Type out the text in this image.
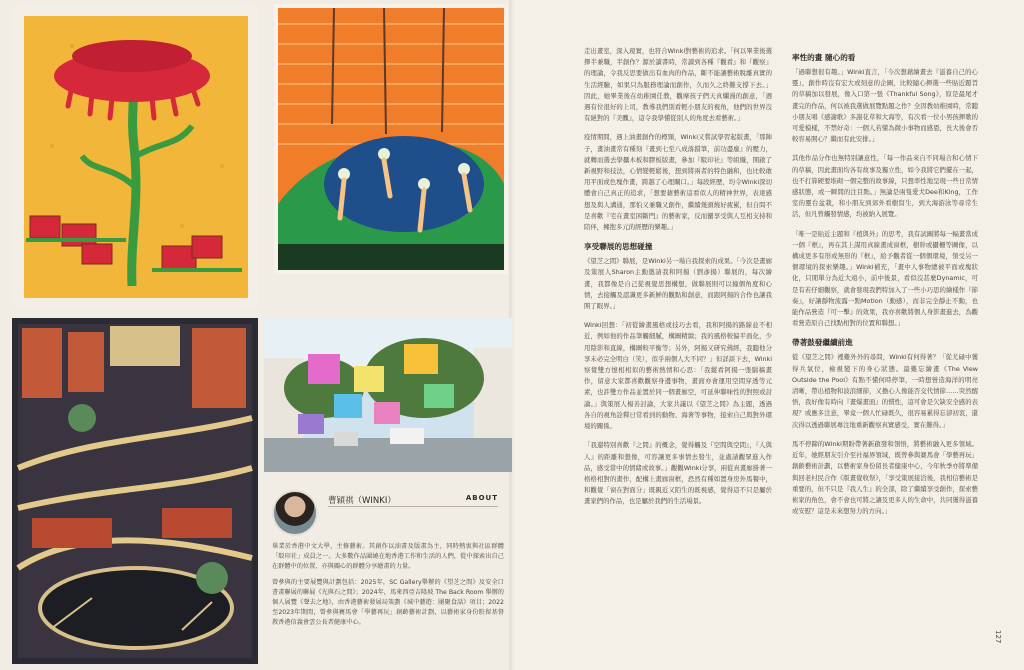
曹穎祺（WINKI）	ABOUT

畢業於香港中文大學，主修藝術。其創作以油畫及版畫為主，同時熱衷與社區群體「駁印社」成員之一。大多數作品圍繞在地香港工作和生活的人們，從中探索出自己在群體中的位置，亦與關心的群體分享繪畫的力量。

曾參與的主要展覽與計劃包括：2025年，SC Gallery舉辦的《望芝之間》及安全口書畫聯展的聯展《光與石之間》；2024年，馬來西亞吉隆坡 The Back Room 舉辦的個人展覽《聲去之地》，由香港藝術發展局策劃《城中藝遊：團聚食話》項目；2022至2023年期間，曾參與賽馬會「學藝再玩」創齡藝術計劃，以藝術家身份駐留基督教香港信義會雲公長者健康中心。

走出畫室，深入現實，也符合Winki對藝術的追求。「何以畢業後選擇半兼職，半創作？源於讀書時，常讀到各種『觀看』和『觀察』的理論，令我反思要做出有血肉的作品，斷不能讓藝術脫離真實的生活經驗，如果只為服務理論而創作，久而久之終難支撐下去。」因此，她畢業後在幼稚園任教，觀摩孩子們天真爛漫的創意，「週遇有位很好的上司，教導我們別看輕小朋友的視角，他們的世界沒有絕對的『美醜』，這令我學懂從別人的角度去看藝術。」

疫情期間，遇上油畫創作的樽頸，Winki又嘗試學習起版畫，「那陣子，畫油畫常有種刻『畫到七至八成落錯筆，前功盡廢』的壓力，就轉而選去學攝木板和膠板版畫，參加『駁印社』等組織，開啟了新視野和技法，心情變輕鬆後，想到將兩者的特色融和，也比較敢用平面或色塊作畫，跨越了心理關口。」每段經歷，均令Winki深切體會自己真正的追求，「想要藉藝術這看似人的精神世界，表達感想及與人溝通，那怕又兼職又創作，繼續幾頭燒好疲累，但自問不是喜歡『宅在畫室困斷門』的藝術家，反而蠻享受與人互相支持和陪伴，擁抱多元的經歷的樂趣。」

享受聯展的思想碰撞

《望芝之間》聯展，是Winki另一場自我探索的成果。「今次是畫廊及策展人Sharon主動邀請我和阿揚（劉彥揚）聯展的，每次繪畫，我都像是自己從視覺思想構想，做聯展則可以撞個角度和心情，去接觸及認識更多新鮮的觀點和創意，而跟阿揚的合作也讓我開了眼界。」

Winki回想：「初從繪畫風格或技巧去看，我和阿揚的路線並不相近，例如他的作品筆觸細膩，構圖精緻；我的風格較偏平面化，少用陰影和直線，構圖較平衡等；另外，阿揚又研究佛經，我聽他分享未必完全明白（笑），似乎兩個人大不同？」但詳談下去，Winki察覺雙方憶相相似的藝術熱情和心思：「我縱看阿揚一張腦稿畫作，留意大家都喜歡觀察身邊事物，畫面亦會運用空間穿透等元素，也許雙方作品並置於同一個畫廊空，可延伸聯味性的對照或討論。」與策展人楊善討論，大家共議以《望芝之間》為主題，透過各自的視角詮釋日常看到的動物、海著等事物，接索自己與對外環境的關係。

「我還特別喜歡『之間』的概念，覺得觸及『空間與空間』，『人與人』的距離和想像，可容讓更多事情去發生，並處請觀眾進入作品，感受當中的情緒或故事。」觀觀Winki分享，兩從真畫廊掛著一格格相對的畫作，配構上畫廊窗框，恐然有種如置身房外馬餐中，和觀覺「窗在對面分」既親近又陌生的既視感，覺得這不只是屬於畫家們的作品，也是屬於我們的生活場景。

率性的畫 隨心的看

「過聯想很有趣。」Winki直言，「今次想藉繪畫去『滋養自己的心靈』，創作時沒有宏大或刻意的企圖，比較隨心揮選一些貼近題旨的草稿加以發展，像入口第一張《Thankful Song》，原是最尾才畫完的作品，何以被我選做展覽點題之作？全因教幼稚園時，常聽小朋友唱《感謝歌》多謝花草和大海等，有次看一位小男孩揮歌的可愛模樣，不禁好奇：一個人若懂為微小事物而感恩，長大後會否較容易開心？繼而有此安排。」

其他作品分作也無特別讓意性，「每一作品來自不同場合和心情下的草稿，因此畫面均各有故事及獨立性，如今我將它們擺在一起，也不打算硬要堆砌一個完整的故事線，只想率性地呈現一些日常情感狀態，或一瞬間的注目點。」無論是兩隻愛犬Dee和King，工作室的靈台盆栽，和小朋友到郊外看樹寫生，到大海游泳等尋常生活，但凡曾觸發情感，均被納入展覽。

「唯一是貼近主題和『植與外』的思考，我有試圖將每一幅畫當成一個『框』，再在其上謀用真線畫成窗框，樹幹或攝柵等圖像，以構成更多有形或無形的『框』，給予觀者從一個個環境，領受另一個環境的探索樂趣。」Winki補充，「畫中人事物總被平面或塊狀化，只閒單分為近大遠小，前中後景，看似沒甚麼Dynamic，可是有若仔細觀察，就會發現我們特加入了一些小巧思的繪樣作『節奏』，好讓靜物流露一點Motion（動感），而非完全靜止不動，也能作品營造『可一擊』的效果，我亦喜歡將個人身影畫進去，為觀看營造原自己找點相對的位置和聯想。」

帶著鼓發繼續前進

從《望芝之間》裡難外外的尋問，Winki有何得著？「從尤碌中獲得兵氣位，檢視變下的身心狀態。最難忘繪畫《The View Outside the Pool》有點不懂何時停筆，一時想營造海洋的明亮清晰，帶出植物和波浪細節，又擔心人像能否交代情節……突然醒悟，我好像有時向『畫爆畫面』的慣性，這可會是欠缺安全感的表現？或應多注意，畢竟一個人忙碌既久，很容易累得忘卻初衷，還次得以透過聯展專注地重新觀察真實感受，實在難得。」

馬不停蹄的Winki期盼帶著新啟發和領悟，將藝術融入更多領域。近年，她經朋友引介至社福界領域，既曾參與賽馬會「學藝再玩」創齡藝術計劃，以藝術家身份留長者健康中心，今年秋季亦將準備與回老村民合作《版畫覺收祭》，「享受策展接洽後，我相信藝術是重要的，但不只是『我人生』的全部，除了繼續享受創作，探索藝術家的角色，會不會也可將之讓及更多人的生命中，共同獲得滋養或安慰？這是未來想努力的方向。」

127
